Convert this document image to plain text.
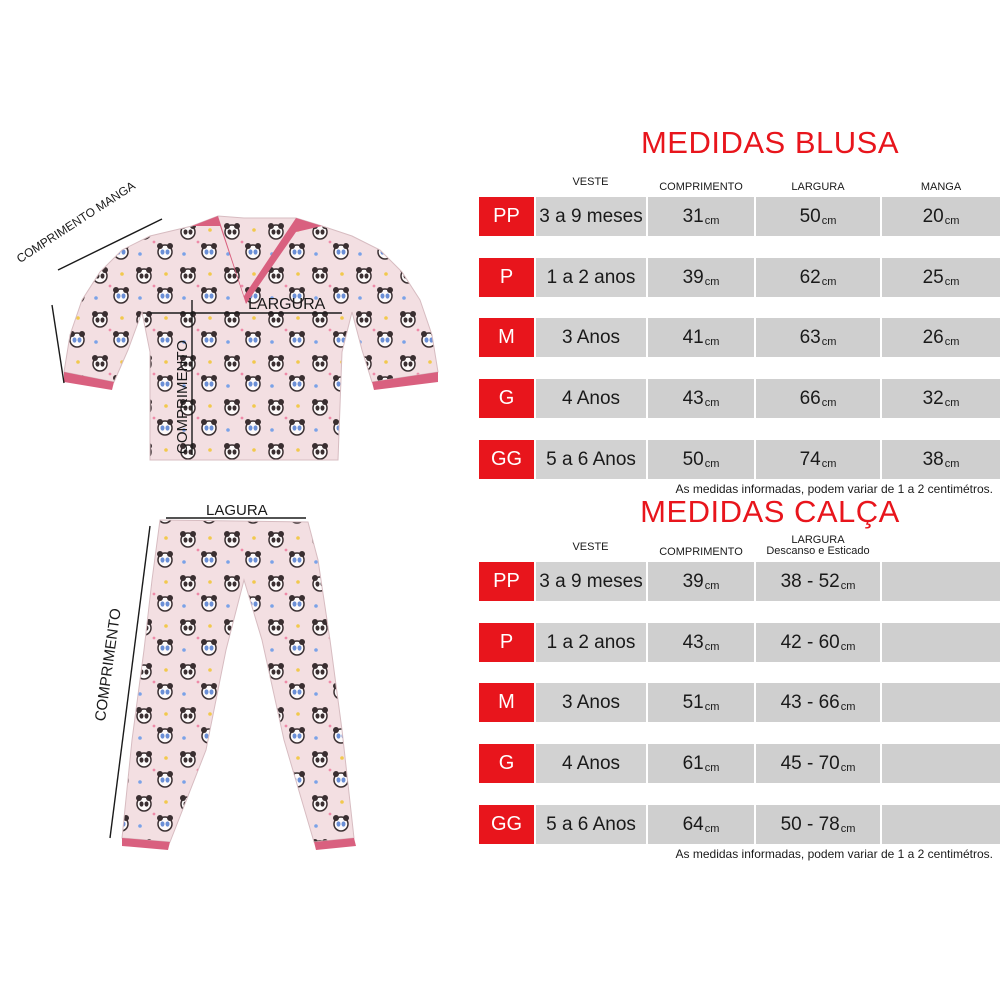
COMPRIMENTO MANGA
LARGURA
COMPRIMENTO
LAGURA
COMPRIMENTO
MEDIDAS BLUSA
VESTE	COMPRIMENTO	LARGURA	MANGA
PP	3 a 9 meses 31 cm	50 cm	20 cm
P	1 a 2 anos	39 cm	62 cm	25 cm
M	3 Anos	41 cm	63 cm	26 cm
G	4 Anos	43 cm	66 cm	32 cm
GG	5 a 6 Anos	50 cm	74 cm	38 cm
As medidas informadas, podem variar de 1 a 2 centimétros.
MEDIDAS CALÇA
VESTE	COMPRIMENTO
LARGURA
Descanso e Esticado
PP	3 a 9 meses 39 cm	38 - 52 cm
P	1 a 2 anos	43 cm	42 - 60 cm
M	3 Anos	51 cm	43 - 66 cm
G	4 Anos	61 cm	45 - 70 cm
GG	5 a 6 Anos	64 cm	50 - 78 cm
As medidas informadas, podem variar de 1 a 2 centimétros.
